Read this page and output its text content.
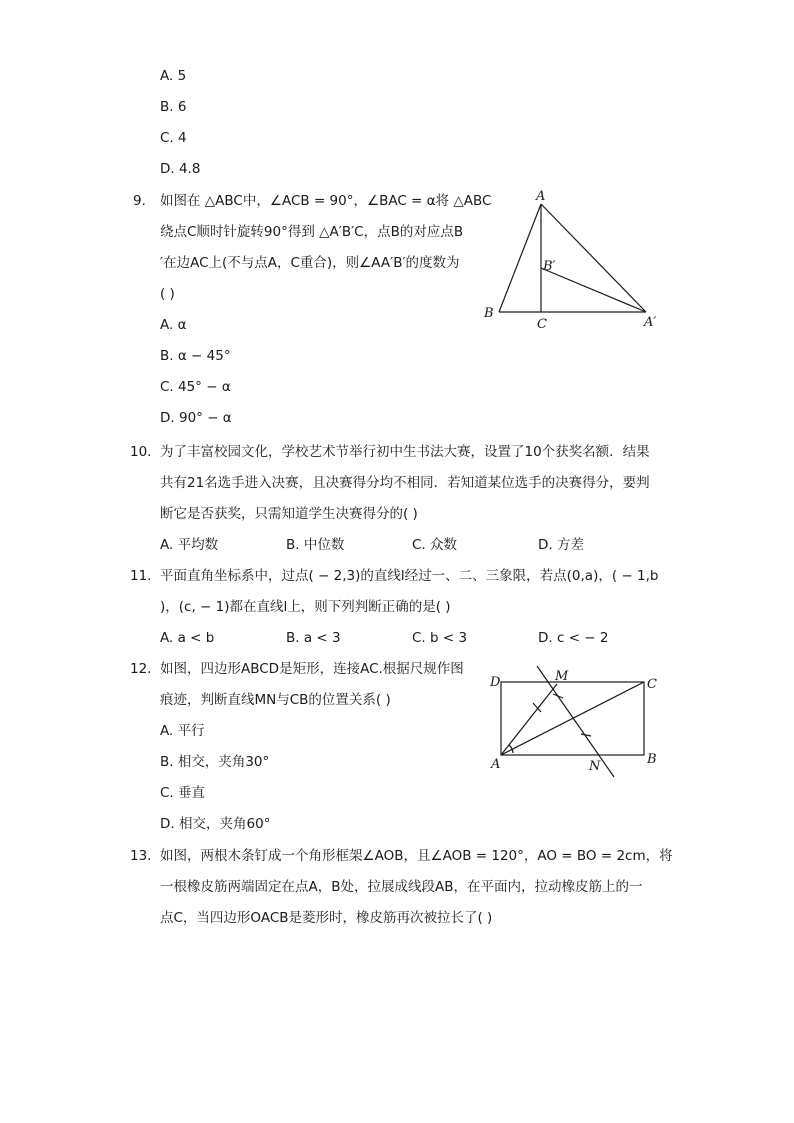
A. 5
B. 6
C. 4
D. 4.8
9. 如图在 △ABC中，∠ACB = 90°，∠BAC = α将 △ABC
绕点C顺时针旋转90°得到 △A′B′C，点B的对应点B
′在边AC上(不与点A，C重合)，则∠AA′B′的度数为
( )
A. α
B. α − 45°
C. 45° − α
D. 90° − α
A
B
C
B′
A′
10. 为了丰富校园文化，学校艺术节举行初中生书法大赛，设置了10个获奖名额．结果
共有21名选手进入决赛，且决赛得分均不相同．若知道某位选手的决赛得分，要判
断它是否获奖，只需知道学生决赛得分的( )
A. 平均数	B. 中位数	C. 众数	D. 方差
11. 平面直角坐标系中，过点( − 2,3)的直线l经过一、二、三象限，若点(0,a)，( − 1,b
)，(c, − 1)都在直线l上，则下列判断正确的是( )
A. a < b	B. a < 3	C. b < 3	D. c < − 2
12. 如图，四边形ABCD是矩形，连接AC.根据尺规作图
痕迹，判断直线MN与CB的位置关系( )
A. 平行
B. 相交，夹角30°
C. 垂直
D. 相交，夹角60°
A	B
C
D	M
N
13. 如图，两根木条钉成一个角形框架∠AOB，且∠AOB = 120°，AO = BO = 2cm，将
一根橡皮筋两端固定在点A，B处，拉展成线段AB，在平面内，拉动橡皮筋上的一
点C，当四边形OACB是菱形时，橡皮筋再次被拉长了( )
